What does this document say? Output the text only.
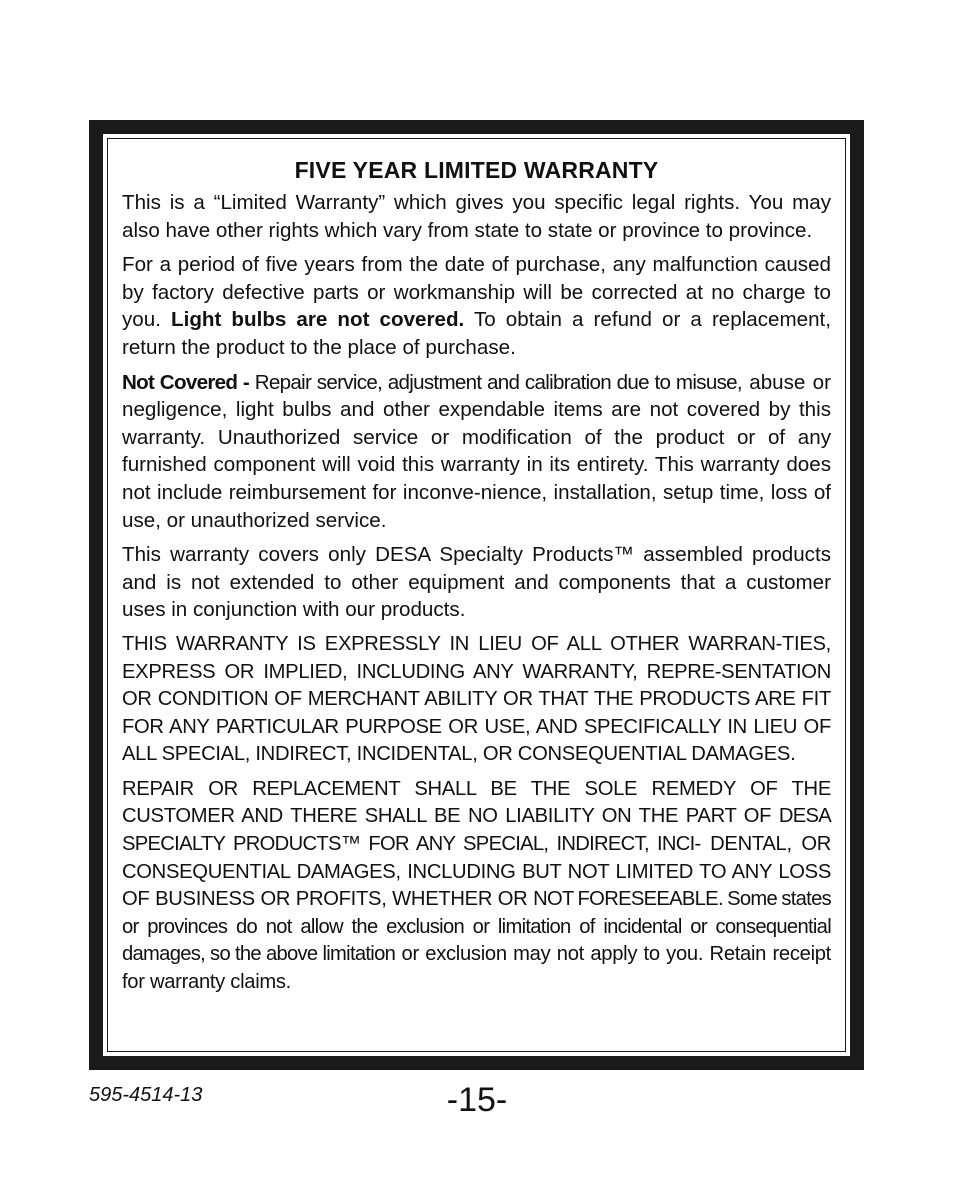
FIVE YEAR LIMITED WARRANTY

This is a “Limited Warranty” which gives you specific legal rights. You may also have other rights which vary from state to state or province to province.

For a period of five years from the date of purchase, any malfunction caused by factory defective parts or workmanship will be corrected at no charge to you. Light bulbs are not covered. To obtain a refund or a replacement, return the product to the place of purchase.

Not Covered - Repair service, adjustment and calibration due to misuse, abuse or negligence, light bulbs and other expendable items are not covered by this warranty. Unauthorized service or modification of the product or of any furnished component will void this warranty in its entirety. This warranty does not include reimbursement for inconve-nience, installation, setup time, loss of use, or unauthorized service.

This warranty covers only DESA Specialty Products™ assembled products and is not extended to other equipment and components that a customer uses in conjunction with our products.

THIS WARRANTY IS EXPRESSLY IN LIEU OF ALL OTHER WARRAN-TIES, EXPRESS OR IMPLIED, INCLUDING ANY WARRANTY, REPRE-SENTATION OR CONDITION OF MERCHANT ABILITY OR THAT THE PRODUCTS ARE FIT FOR ANY PARTICULAR PURPOSE OR USE, AND SPECIFICALLY IN LIEU OF ALL SPECIAL, INDIRECT, INCIDENTAL, OR CONSEQUENTIAL DAMAGES.

REPAIR OR REPLACEMENT SHALL BE THE SOLE REMEDY OF THE CUSTOMER AND THERE SHALL BE NO LIABILITY ON THE PART OF DESA SPECIALTY PRODUCTS™ FOR ANY SPECIAL, INDIRECT, INCI- DENTAL, OR CONSEQUENTIAL DAMAGES, INCLUDING BUT NOT LIMITED TO ANY LOSS OF BUSINESS OR PROFITS, WHETHER OR NOT FORESEEABLE. Some states or provinces do not allow the exclusion or limitation of incidental or consequential damages, so the above limitation or exclusion may not apply to you. Retain receipt for warranty claims.

595-4514-13	-15-
